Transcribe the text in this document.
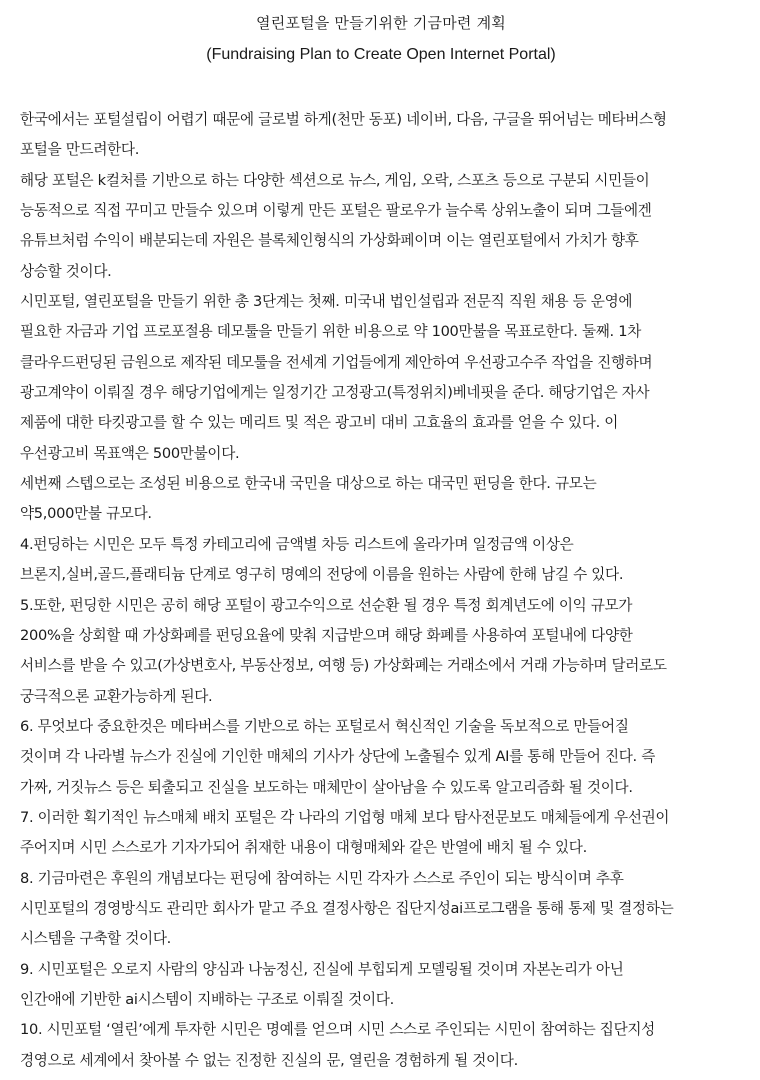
열린포털을 만들기위한 기금마련 계획
(Fundraising Plan to Create Open Internet Portal)
한국에서는 포털설립이 어렵기 때문에 글로벌 하게(천만 동포) 네이버, 다음, 구글을 뛰어넘는 메타버스형
포털을 만드려한다.
해당 포털은 k컬처를 기반으로 하는 다양한 섹션으로 뉴스, 게임, 오락, 스포츠 등으로 구분되 시민들이
능동적으로 직접 꾸미고 만들수 있으며 이렇게 만든 포털은 팔로우가 늘수록 상위노출이 되며 그들에겐
유튜브처럼 수익이 배분되는데 자원은 블록체인형식의 가상화페이며 이는 열린포털에서 가치가 향후
상승할 것이다.
시민포털, 열린포털을 만들기 위한 총 3단계는 첫째. 미국내 법인설립과 전문직 직원 채용 등 운영에
필요한 자금과 기업 프로포절용 데모툴을 만들기 위한 비용으로 약 100만불을 목표로한다. 둘째. 1차
클라우드펀딩된 금원으로 제작된 데모툴을 전세계 기업들에게 제안하여 우선광고수주 작업을 진행하며
광고계약이 이뤄질 경우 해당기업에게는 일정기간 고정광고(특정위치)베네핏을 준다. 해당기업은 자사
제품에 대한 타킷광고를 할 수 있는 메리트 및 적은 광고비 대비 고효율의 효과를 얻을 수 있다. 이
우선광고비 목표액은 500만불이다.
세번째 스텝으로는 조성된 비용으로 한국내 국민을 대상으로 하는 대국민 펀딩을 한다. 규모는
약5,000만불 규모다.
4.펀딩하는 시민은 모두 특정 카테고리에 금액별 차등 리스트에 올라가며 일정금액 이상은
브론지,실버,골드,플래티늄 단계로 영구히 명예의 전당에 이름을 원하는 사람에 한해 남길 수 있다.
5.또한, 펀딩한 시민은 공히 해당 포털이 광고수익으로 선순환 될 경우 특정 회계년도에 이익 규모가
200%을 상회할 때 가상화폐를 펀딩요율에 맞춰 지급받으며 해당 화폐를 사용하여 포털내에 다양한
서비스를 받을 수 있고(가상변호사, 부동산정보, 여행 등) 가상화폐는 거래소에서 거래 가능하며 달러로도
궁극적으론 교환가능하게 된다.
6. 무엇보다 중요한것은 메타버스를 기반으로 하는 포털로서 혁신적인 기술을 독보적으로 만들어질
것이며 각 나라별 뉴스가 진실에 기인한 매체의 기사가 상단에 노출될수 있게 AI를 통해 만들어 진다. 즉
가짜, 거짓뉴스 등은 퇴출되고 진실을 보도하는 매체만이 살아남을 수 있도록 알고리즘화 될 것이다.
7. 이러한 획기적인 뉴스매체 배치 포털은 각 나라의 기업형 매체 보다 탐사전문보도 매체들에게 우선권이
주어지며 시민 스스로가 기자가되어 취재한 내용이 대형매체와 같은 반열에 배치 될 수 있다.
8. 기금마련은 후원의 개념보다는 펀딩에 참여하는 시민 각자가 스스로 주인이 되는 방식이며 추후
시민포털의 경영방식도 관리만 회사가 맡고 주요 결정사항은 집단지성ai프로그램을 통해 통제 및 결정하는
시스템을 구축할 것이다.
9. 시민포털은 오로지 사람의 양심과 나눔정신, 진실에 부힙되게 모델링될 것이며 자본논리가 아닌
인간애에 기반한 ai시스템이 지배하는 구조로 이뤄질 것이다.
10. 시민포털 ‘열린’에게 투자한 시민은 명예를 얻으며 시민 스스로 주인되는 시민이 참여하는 집단지성
경영으로 세계에서 찾아볼 수 없는 진정한 진실의 문, 열린을 경험하게 될 것이다.
